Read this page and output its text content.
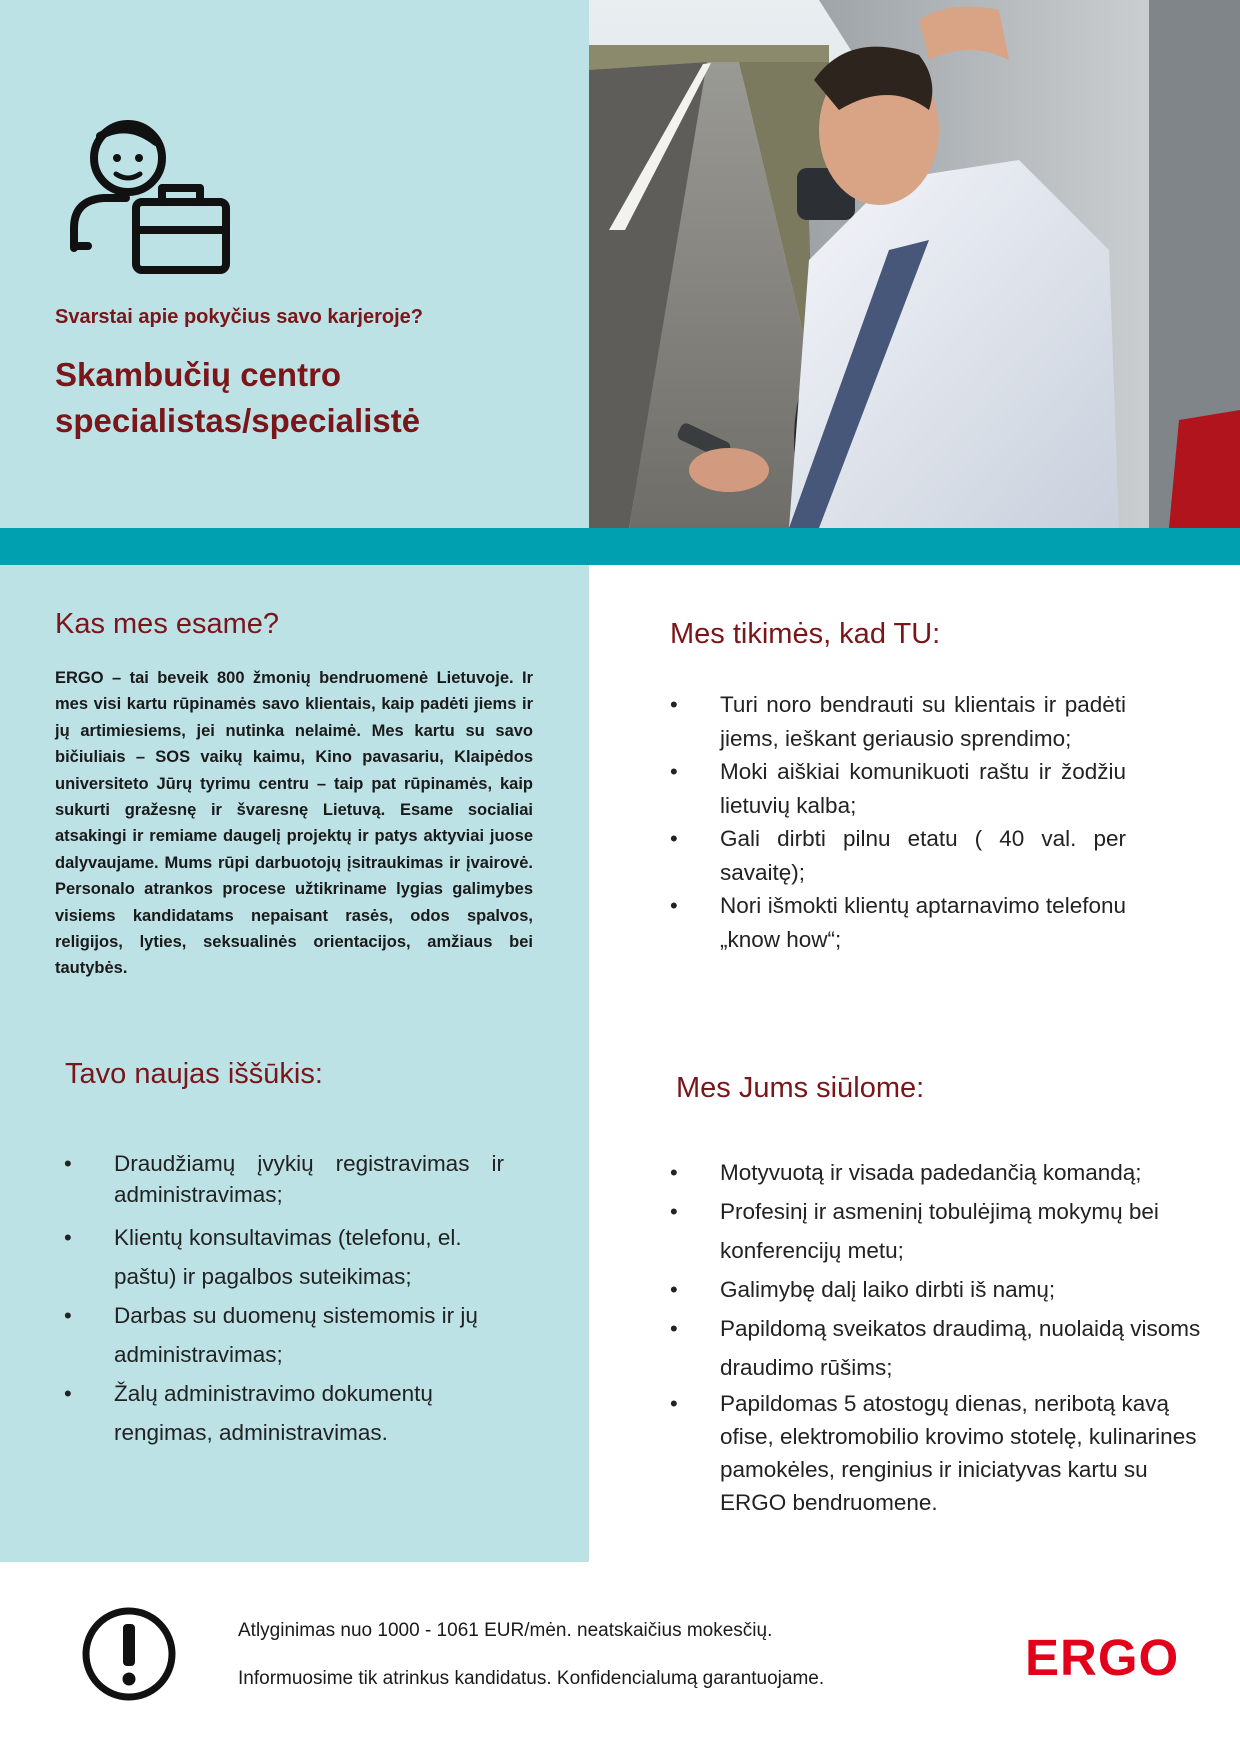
Svarstai apie pokyčius savo karjeroje?
Skambučių centro
specialistas/specialistė
Kas mes esame?
ERGO – tai beveik 800 žmonių bendruomenė Lietuvoje. Ir mes visi kartu rūpinamės savo klientais, kaip padėti jiems ir jų artimiesiems, jei nutinka nelaimė. Mes kartu su savo bičiuliais – SOS vaikų kaimu, Kino pavasariu, Klaipėdos universiteto Jūrų tyrimu centru – taip pat rūpinamės, kaip sukurti gražesnę ir švaresnę Lietuvą. Esame socialiai atsakingi ir remiame daugelį projektų ir patys aktyviai juose dalyvaujame. Mums rūpi darbuotojų įsitraukimas ir įvairovė. Personalo atrankos procese užtikriname lygias galimybes visiems kandidatams nepaisant rasės, odos spalvos, religijos, lyties, seksualinės orientacijos, amžiaus bei tautybės.
Mes tikimės, kad TU:
• Turi noro bendrauti su klientais ir padėti jiems, ieškant geriausio sprendimo;
• Moki aiškiai komunikuoti raštu ir žodžiu lietuvių kalba;
• Gali dirbti pilnu etatu ( 40 val. per savaitę);
• Nori išmokti klientų aptarnavimo telefonu „know how“;
Tavo naujas iššūkis:
• Draudžiamų įvykių registravimas ir administravimas;
• Klientų konsultavimas (telefonu, el. paštu) ir pagalbos suteikimas;
• Darbas su duomenų sistemomis ir jų administravimas;
• Žalų administravimo dokumentų rengimas, administravimas.
Mes Jums siūlome:
• Motyvuotą ir visada padedančią komandą;
• Profesinį ir asmeninį tobulėjimą mokymų bei konferencijų metu;
• Galimybę dalį laiko dirbti iš namų;
• Papildomą sveikatos draudimą, nuolaidą visoms draudimo rūšims;
• Papildomas 5 atostogų dienas, neribotą kavą ofise, elektromobilio krovimo stotelę, kulinarines pamokėles, renginius ir iniciatyvas kartu su ERGO bendruomene.
Atlyginimas nuo 1000 - 1061 EUR/mėn. neatskaičius mokesčių.
Informuosime tik atrinkus kandidatus. Konfidencialumą garantuojame.	ERGO
